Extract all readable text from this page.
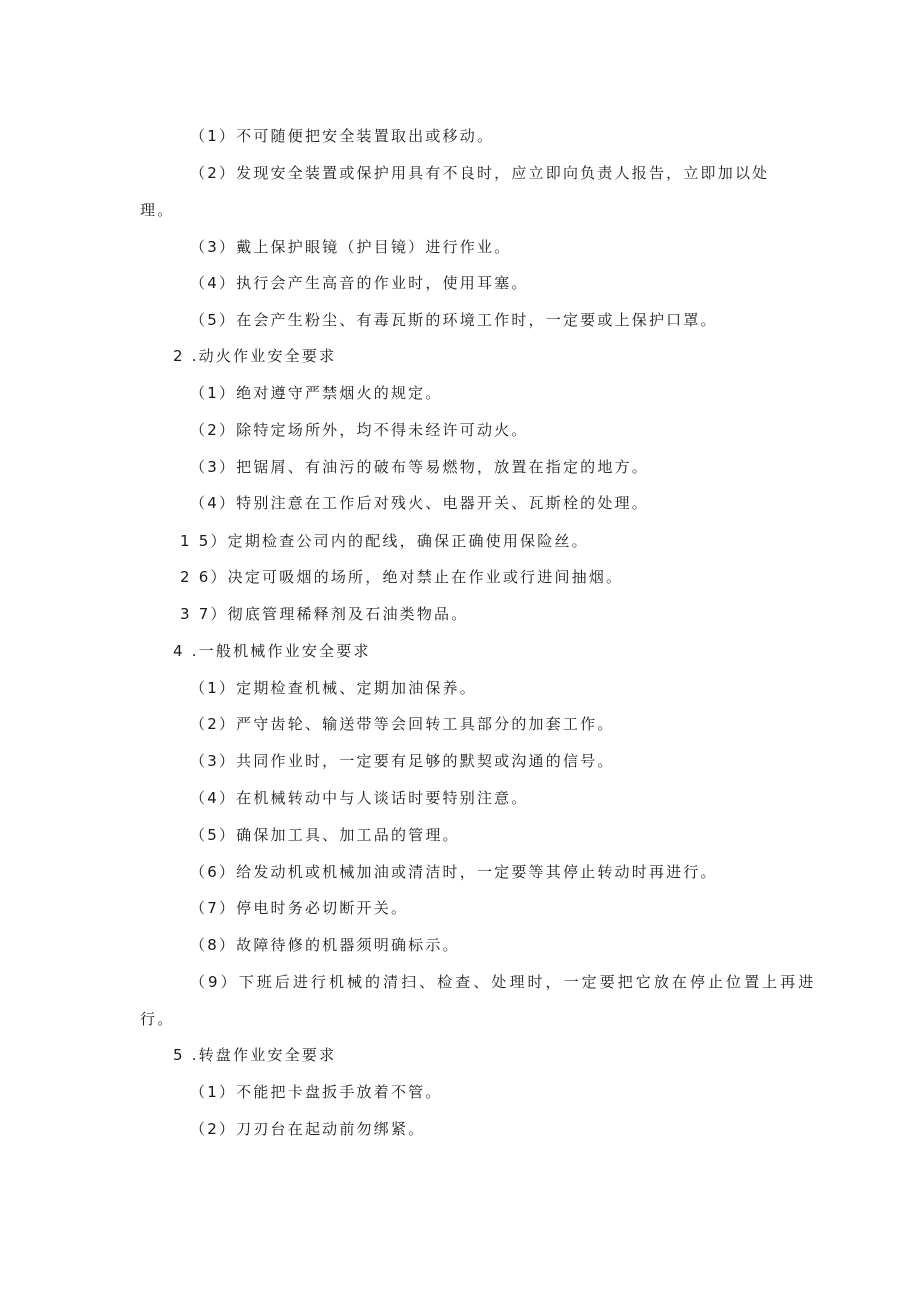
（1）不可随便把安全装置取出或移动。
（2）发现安全装置或保护用具有不良时，应立即向负责人报告，立即加以处
理。
（3）戴上保护眼镜（护目镜）进行作业。
（4）执行会产生高音的作业时，使用耳塞。
（5）在会产生粉尘、有毒瓦斯的环境工作时，一定要或上保护口罩。
2 .动火作业安全要求
（1）绝对遵守严禁烟火的规定。
（2）除特定场所外，均不得未经许可动火。
（3）把锯屑、有油污的破布等易燃物，放置在指定的地方。
（4）特别注意在工作后对残火、电器开关、瓦斯栓的处理。
1 5）定期检查公司内的配线，确保正确使用保险丝。
2 6）决定可吸烟的场所，绝对禁止在作业或行进间抽烟。
3 7）彻底管理稀释剂及石油类物品。
4 .一般机械作业安全要求
（1）定期检查机械、定期加油保养。
（2）严守齿轮、输送带等会回转工具部分的加套工作。
（3）共同作业时，一定要有足够的默契或沟通的信号。
（4）在机械转动中与人谈话时要特别注意。
（5）确保加工具、加工品的管理。
（6）给发动机或机械加油或清洁时，一定要等其停止转动时再进行。
（7）停电时务必切断开关。
（8）故障待修的机器须明确标示。
（9）下班后进行机械的清扫、检查、处理时，一定要把它放在停止位置上再进
行。
5 .转盘作业安全要求
（1）不能把卡盘扳手放着不管。
（2）刀刃台在起动前勿绑紧。
